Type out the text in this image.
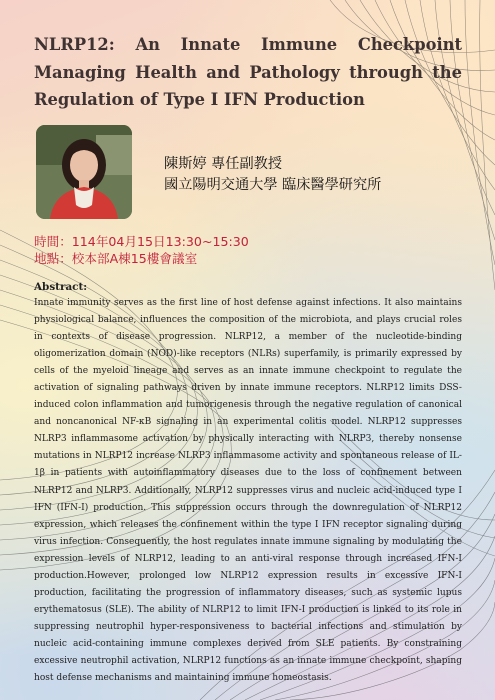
NLRP12: An Innate Immune Checkpoint Managing Health and Pathology through the Regulation of Type I IFN Production
陳斯婷 專任副教授
國立陽明交通大學 臨床醫學研究所
時間：114年04月15日13:30~15:30
地點：校本部A棟15樓會議室
Abstract:

Innate immunity serves as the first line of host defense against infections. It also maintains physiological balance, influences the composition of the microbiota, and plays crucial roles in contexts of disease progression. NLRP12, a member of the nucleotide-binding oligomerization domain (NOD)-like receptors (NLRs) superfamily, is primarily expressed by cells of the myeloid lineage and serves as an innate immune checkpoint to regulate the activation of signaling pathways driven by innate immune receptors. NLRP12 limits DSS-induced colon inflammation and tumorigenesis through the negative regulation of canonical and noncanonical NF-κB signaling in an experimental colitis model. NLRP12 suppresses NLRP3 inflammasome activation by physically interacting with NLRP3, thereby nonsense mutations in NLRP12 increase NLRP3 inflammasome activity and spontaneous release of IL-1β in patients with autoinflammatory diseases due to the loss of confinement between NLRP12 and NLRP3. Additionally, NLRP12 suppresses virus and nucleic acid-induced type I IFN (IFN-I) production. This suppression occurs through the downregulation of NLRP12 expression, which releases the confinement within the type I IFN receptor signaling during virus infection. Consequently, the host regulates innate immune signaling by modulating the expression levels of NLRP12, leading to an anti-viral response through increased IFN-I production.However, prolonged low NLRP12 expression results in excessive IFN-I production, facilitating the progression of inflammatory diseases, such as systemic lupus erythematosus (SLE). The ability of NLRP12 to limit IFN-I production is linked to its role in suppressing neutrophil hyper-responsiveness to bacterial infections and stimulation by nucleic acid-containing immune complexes derived from SLE patients. By constraining excessive neutrophil activation, NLRP12 functions as an innate immune checkpoint, shaping host defense mechanisms and maintaining immune homeostasis.
